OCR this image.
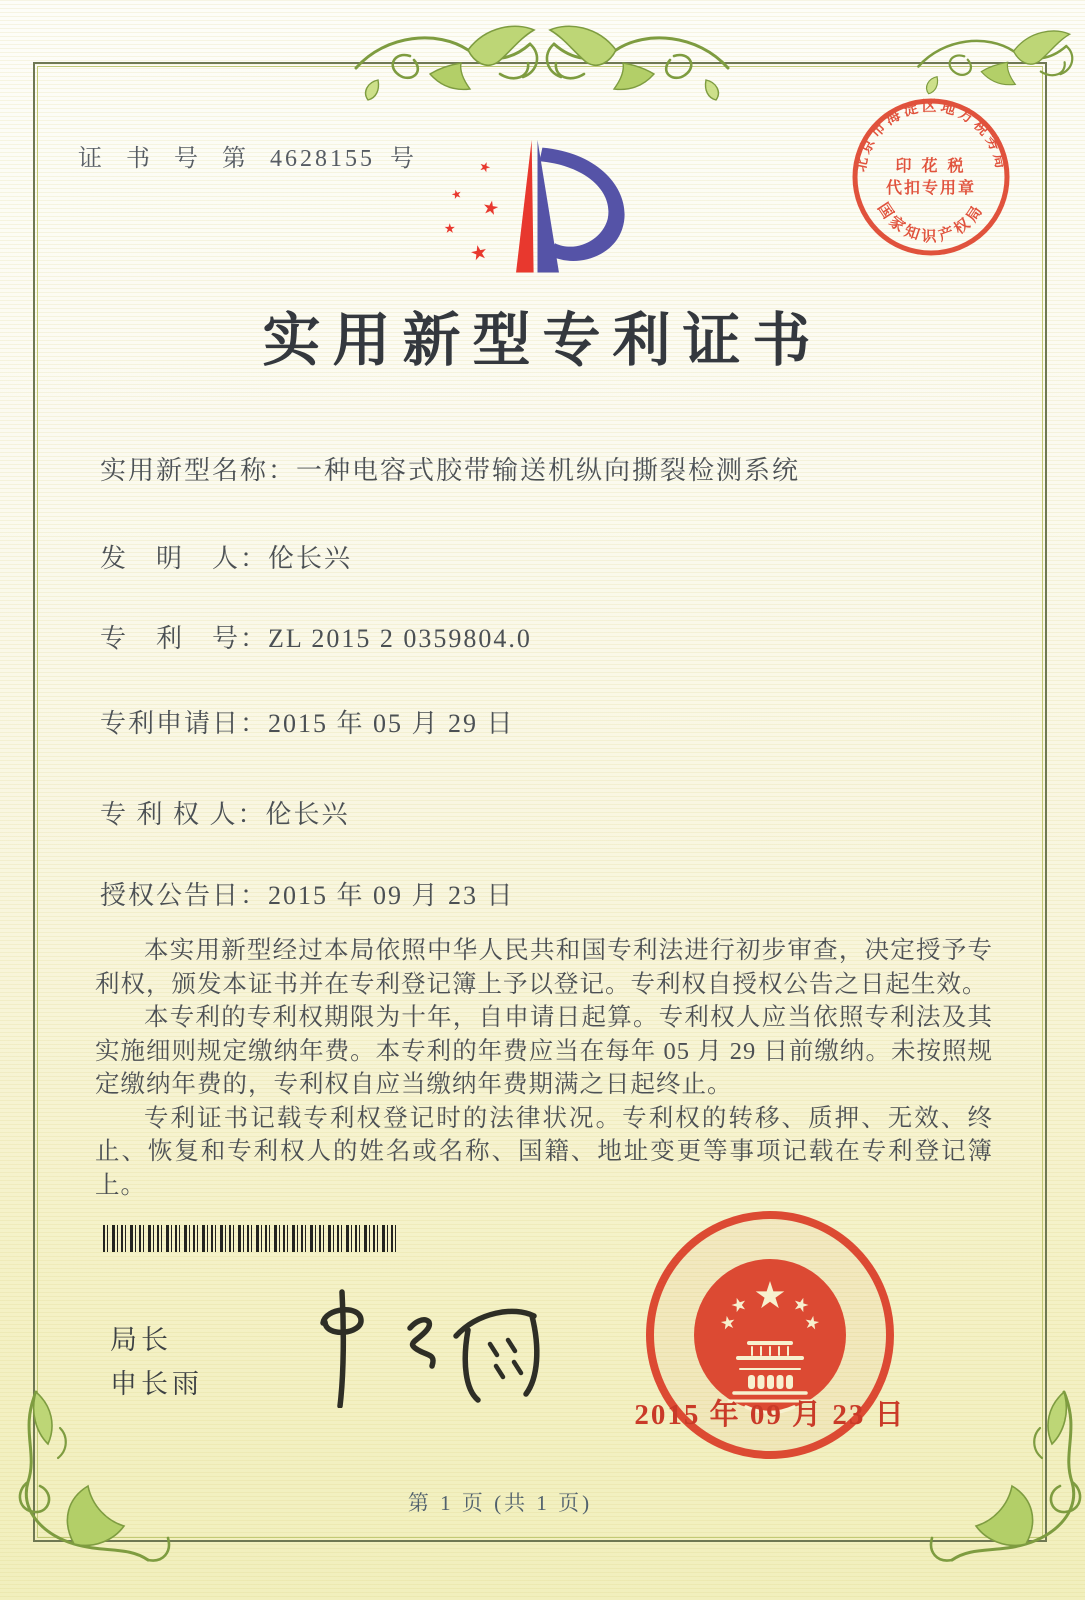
证 书 号 第 4628155 号
实用新型专利证书
实用新型名称：一种电容式胶带输送机纵向撕裂检测系统
发　明　人：伦长兴
专　利　号：ZL 2015 2 0359804.0
专利申请日：2015 年 05 月 29 日
专 利 权 人：伦长兴
授权公告日：2015 年 09 月 23 日

本实用新型经过本局依照中华人民共和国专利法进行初步审查，决定授予专利权，颁发本证书并在专利登记簿上予以登记。专利权自授权公告之日起生效。

本专利的专利权期限为十年，自申请日起算。专利权人应当依照专利法及其实施细则规定缴纳年费。本专利的年费应当在每年 05 月 29 日前缴纳。未按照规定缴纳年费的，专利权自应当缴纳年费期满之日起终止。

专利证书记载专利权登记时的法律状况。专利权的转移、质押、无效、终止、恢复和专利权人的姓名或名称、国籍、地址变更等事项记载在专利登记簿上。

局长
申长雨
2015 年 09 月 23 日
北京市海淀区地方税务局
国家知识产权局
印 花 税
代扣专用章
第 1 页 (共 1 页)
